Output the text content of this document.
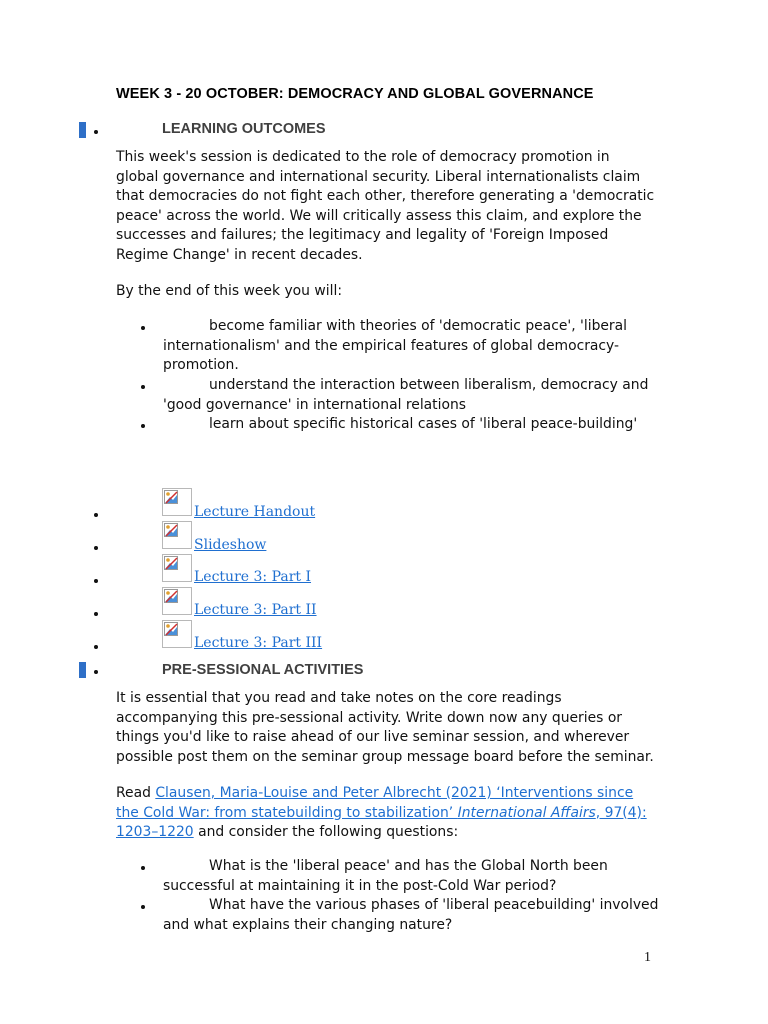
WEEK 3 - 20 OCTOBER: DEMOCRACY AND GLOBAL GOVERNANCE
LEARNING OUTCOMES

This week's session is dedicated to the role of democracy promotion in global governance and international security. Liberal internationalists claim that democracies do not fight each other, therefore generating a 'democratic peace' across the world. We will critically assess this claim, and explore the successes and failures; the legitimacy and legality of 'Foreign Imposed Regime Change' in recent decades.

By the end of this week you will:
become familiar with theories of 'democratic peace', 'liberal internationalism' and the empirical features of global democracy-promotion.
understand the interaction between liberalism, democracy and 'good governance' in international relations
learn about specific historical cases of 'liberal peace-building'
Lecture Handout
Slideshow
Lecture 3: Part I
Lecture 3: Part II
Lecture 3: Part III
PRE-SESSIONAL ACTIVITIES

It is essential that you read and take notes on the core readings accompanying this pre-sessional activity. Write down now any queries or things you'd like to raise ahead of our live seminar session, and wherever possible post them on the seminar group message board before the seminar.

Read Clausen, Maria-Louise and Peter Albrecht (2021) ‘Interventions since the Cold War: from statebuilding to stabilization’ International Affairs, 97(4): 1203–1220 and consider the following questions:

What is the 'liberal peace' and has the Global North been successful at maintaining it in the post-Cold War period?
What have the various phases of 'liberal peacebuilding' involved and what explains their changing nature?
1
